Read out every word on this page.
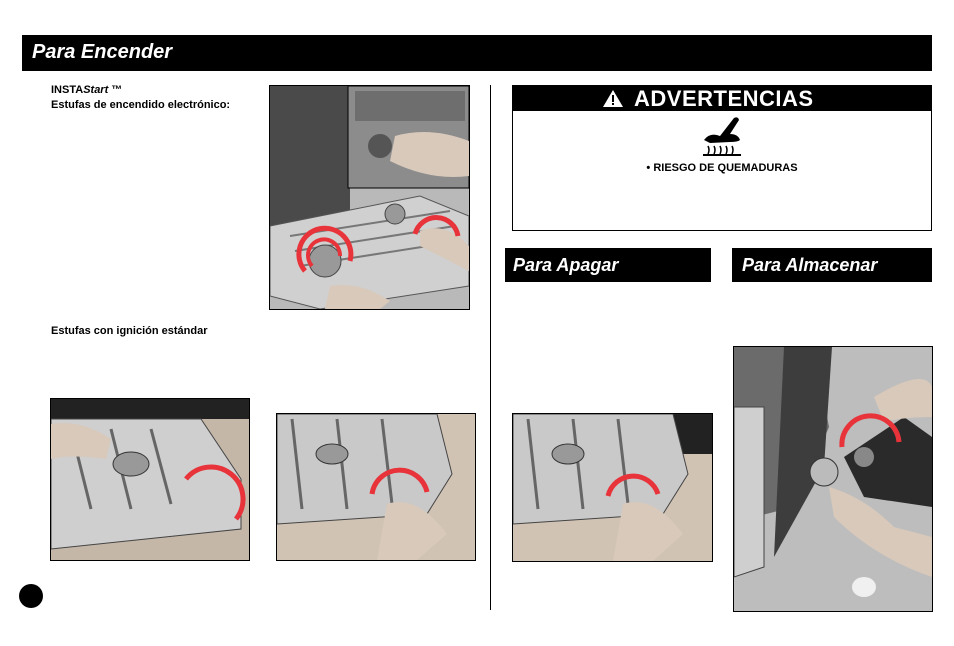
Para Encender
INSTAStart ™
Estufas de encendido electrónico:
Estufas con ignición estándar
ADVERTENCIAS
• RIESGO DE QUEMADURAS
Para Apagar	Para Almacenar
